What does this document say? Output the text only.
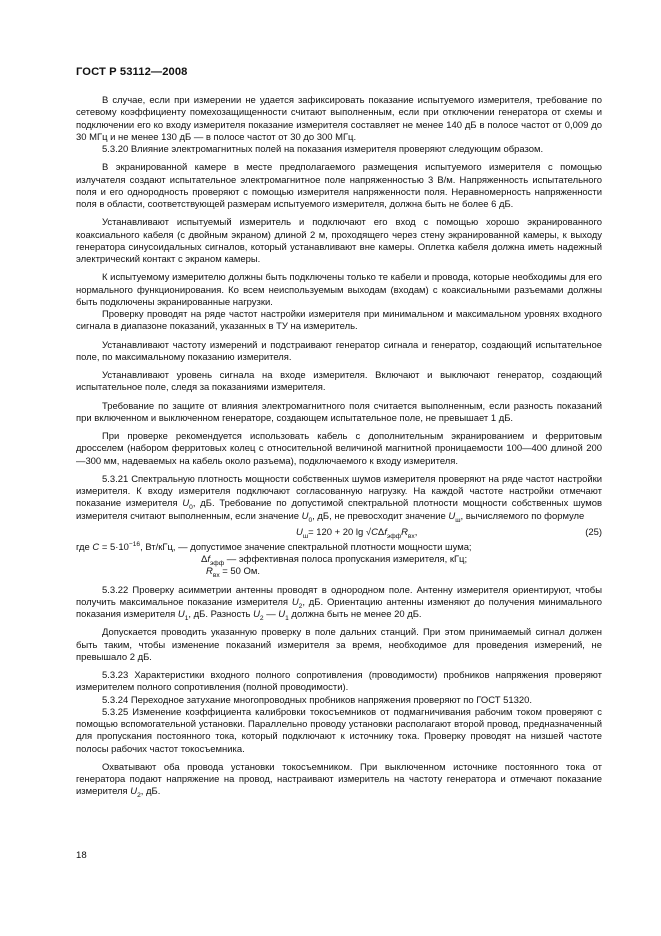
ГОСТ Р 53112—2008

В случае, если при измерении не удается зафиксировать показание испытуемого измерителя, требование по сетевому коэффициенту помехозащищенности считают выполненным, если при отключении генератора от схемы и подключении его ко входу измерителя показание измерителя составляет не менее 140 дБ в полосе частот от 0,009 до 30 МГц и не менее 130 дБ — в полосе частот от 30 до 300 МГц.

5.3.20 Влияние электромагнитных полей на показания измерителя проверяют следующим образом.

В экранированной камере в месте предполагаемого размещения испытуемого измерителя с помощью излучателя создают испытательное электромагнитное поле напряженностью 3 В/м. Напряженность испытательного поля и его однородность проверяют с помощью измерителя напряженности поля. Неравномерность напряженности поля в области, соответствующей размерам испытуемого измерителя, должна быть не более 6 дБ.

Устанавливают испытуемый измеритель и подключают его вход с помощью хорошо экранированного коаксиального кабеля (с двойным экраном) длиной 2 м, проходящего через стену экранированной камеры, к выходу генератора синусоидальных сигналов, который устанавливают вне камеры. Оплетка кабеля должна иметь надежный электрический контакт с экраном камеры.

К испытуемому измерителю должны быть подключены только те кабели и провода, которые необходимы для его нормального функционирования. Ко всем неиспользуемым выходам (входам) с коаксиальными разъемами должны быть подключены экранированные нагрузки.

Проверку проводят на ряде частот настройки измерителя при минимальном и максимальном уровнях входного сигнала в диапазоне показаний, указанных в ТУ на измеритель.

Устанавливают частоту измерений и подстраивают генератор сигнала и генератор, создающий испытательное поле, по максимальному показанию измерителя.

Устанавливают уровень сигнала на входе измерителя. Включают и выключают генератор, создающий испытательное поле, следя за показаниями измерителя.

Требование по защите от влияния электромагнитного поля считается выполненным, если разность показаний при включенном и выключенном генераторе, создающем испытательное поле, не превышает 1 дБ.

При проверке рекомендуется использовать кабель с дополнительным экранированием и ферритовым дросселем (набором ферритовых колец с относительной величиной магнитной проницаемости 100—400 длиной 200—300 мм, надеваемых на кабель около разъема), подключаемого к входу измерителя.

5.3.21 Спектральную плотность мощности собственных шумов измерителя проверяют на ряде частот настройки измерителя. К входу измерителя подключают согласованную нагрузку. На каждой частоте настройки отмечают показание измерителя $U_0$, дБ. Требование по допустимой спектральной плотности мощности собственных шумов измерителя считают выполненным, если значение $U_0$, дБ, не превосходит значение $U_ш$, вычисляемого по формуле

$U_ш= 120 + 20$ $\lg √C\Delta f_{эфф}R_{вх}$,	(25)

где $C = 5\cdot 10^{-16}$, Вт/кГц, — допустимое значение спектральной плотности мощности шума;

$\Delta f_{эфф}$ — эффективная полоса пропускания измерителя, кГц;

$R_{вх} = 50$ Ом.

5.3.22 Проверку асимметрии антенны проводят в однородном поле. Антенну измерителя ориентируют, чтобы получить максимальное показание измерителя $U_2$, дБ. Ориентацию антенны изменяют до получения минимального показания измерителя $U_1$, дБ. Разность $U_2$ — $U_1$ должна быть не менее 20 дБ.

Допускается проводить указанную проверку в поле дальних станций. При этом принимаемый сигнал должен быть таким, чтобы изменение показаний измерителя за время, необходимое для проведения измерений, не превышало 2 дБ.

5.3.23 Характеристики входного полного сопротивления (проводимости) пробников напряжения проверяют измерителем полного сопротивления (полной проводимости).

5.3.24 Переходное затухание многопроводных пробников напряжения проверяют по ГОСТ 51320.

5.3.25 Изменение коэффициента калибровки токосъемников от подмагничивания рабочим током проверяют с помощью вспомогательной установки. Параллельно проводу установки располагают второй провод, предназначенный для пропускания постоянного тока, который подключают к источнику тока. Проверку проводят на низшей частоте полосы рабочих частот токосъемника.

Охватывают оба провода установки токосъемником. При выключенном источнике постоянного тока от генератора подают напряжение на провод, настраивают измеритель на частоту генератора и отмечают показание измерителя $U_2$, дБ.

18
